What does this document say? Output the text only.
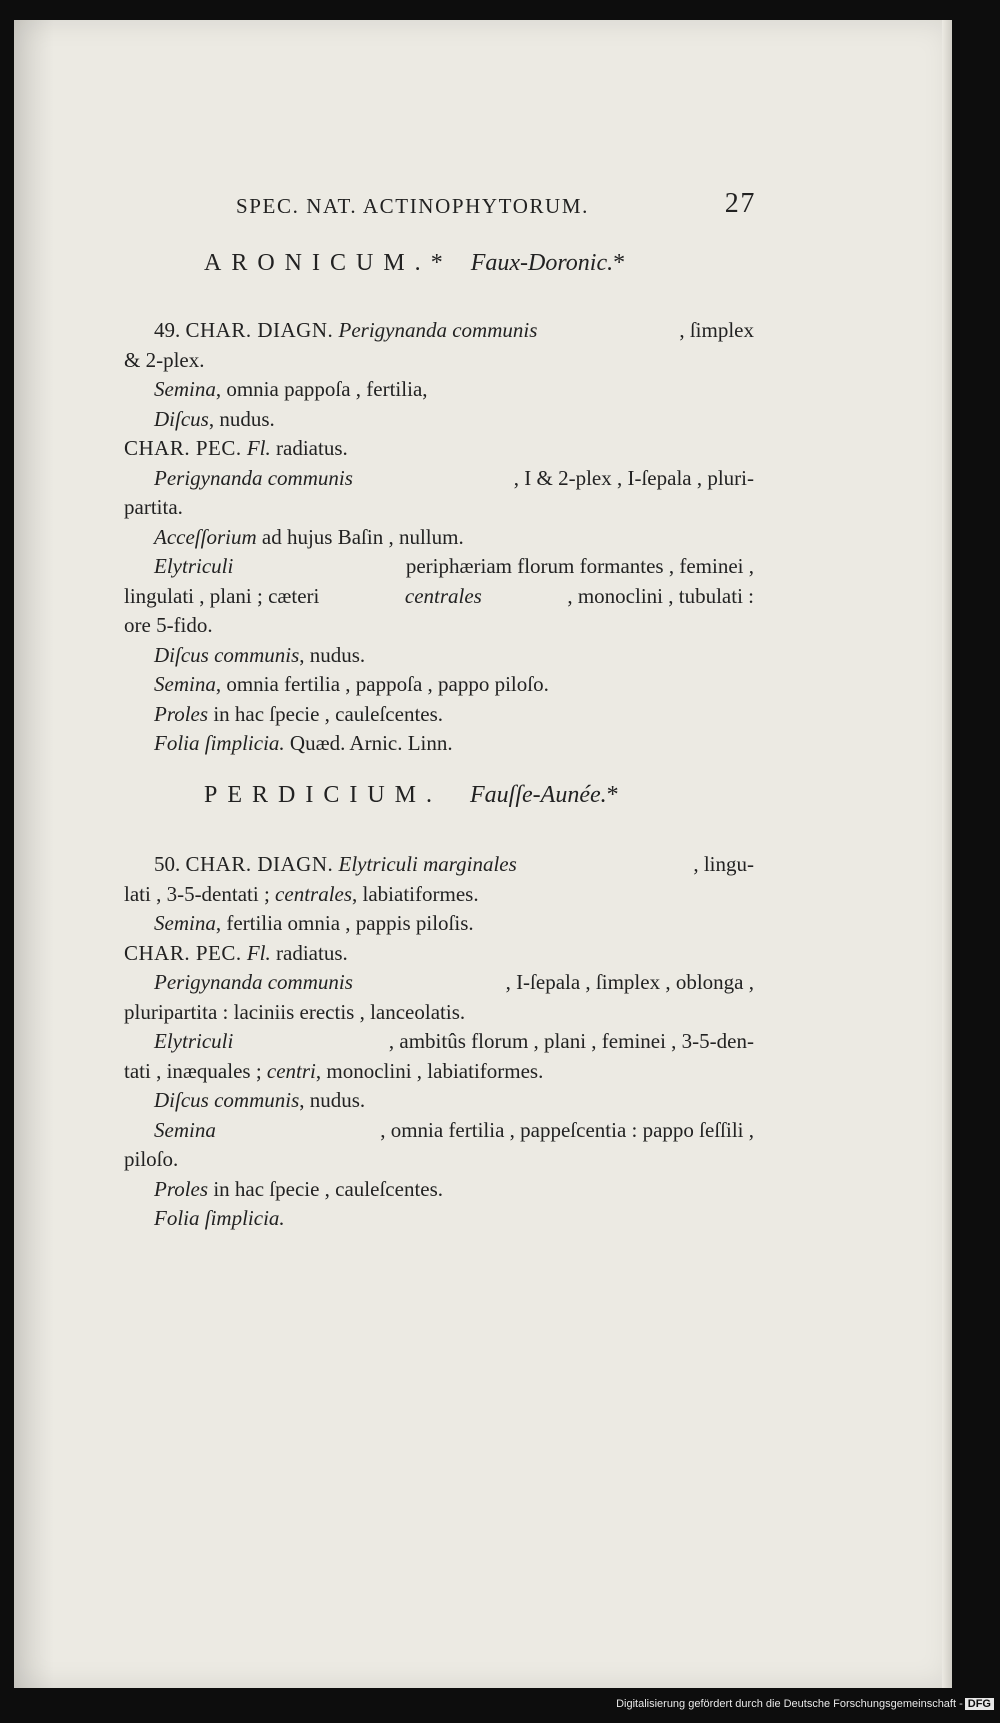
SPEC. NAT. ACTINOPHYTORUM.	27
ARONICUM.* Faux-Doronic.*
49. CHAR. DIAGN. Perigynanda communis	, ſimplex
& 2-plex.
Semina, omnia pappoſa , fertilia,
Diſcus, nudus.
CHAR. PEC. Fl. radiatus.
Perigynanda communis	, I & 2-plex , I-ſepala , pluri-
partita.
Acceſſorium ad hujus Baſin , nullum.
Elytriculi	periphæriam florum formantes , feminei ,
lingulati , plani ; cæteri	centrales	, monoclini , tubulati :
ore 5-fido.
Diſcus communis, nudus.
Semina, omnia fertilia , pappoſa , pappo piloſo.
Proles in hac ſpecie , cauleſcentes.
Folia ſimplicia. Quæd. Arnic. Linn.
PERDICIUM. Fauſſe-Aunée.*
50. CHAR. DIAGN. Elytriculi marginales	, lingu-
lati , 3-5-dentati ; centrales, labiatiformes.
Semina, fertilia omnia , pappis piloſis.
CHAR. PEC. Fl. radiatus.
Perigynanda communis	, I-ſepala , ſimplex , oblonga ,
pluripartita : laciniis erectis , lanceolatis.
Elytriculi	, ambitûs florum , plani , feminei , 3-5-den-
tati , inæquales ; centri, monoclini , labiatiformes.
Diſcus communis, nudus.
Semina	, omnia fertilia , pappeſcentia : pappo ſeſſili ,
piloſo.
Proles in hac ſpecie , cauleſcentes.
Folia ſimplicia.
Digitalisierung gefördert durch die Deutsche Forschungsgemeinschaft - DFG
